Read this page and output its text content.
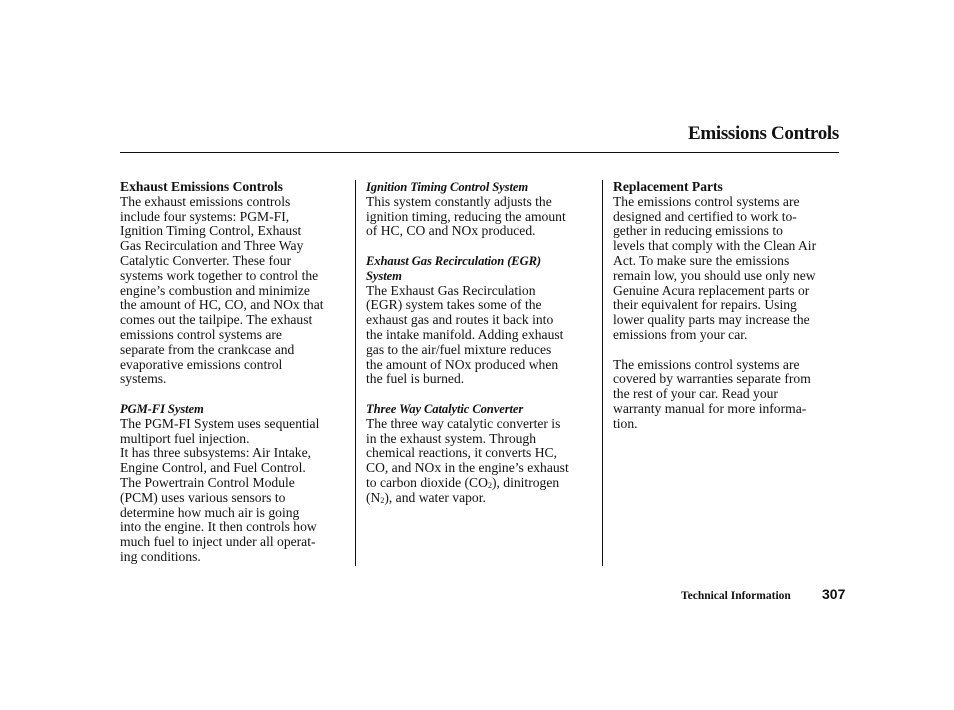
Emissions Controls
Exhaust Emissions Controls
The exhaust emissions controls
include four systems: PGM-FI,
Ignition Timing Control, Exhaust
Gas Recirculation and Three Way
Catalytic Converter. These four
systems work together to control the
engine’s combustion and minimize
the amount of HC, CO, and NOx that
comes out the tailpipe. The exhaust
emissions control systems are
separate from the crankcase and
evaporative emissions control
systems.
PGM-FI System
The PGM-FI System uses sequential
multiport fuel injection.
It has three subsystems: Air Intake,
Engine Control, and Fuel Control.
The Powertrain Control Module
(PCM) uses various sensors to
determine how much air is going
into the engine. It then controls how
much fuel to inject under all operat-
ing conditions.
Ignition Timing Control System
This system constantly adjusts the
ignition timing, reducing the amount
of HC, CO and NOx produced.
Exhaust Gas Recirculation (EGR)
System
The Exhaust Gas Recirculation
(EGR) system takes some of the
exhaust gas and routes it back into
the intake manifold. Adding exhaust
gas to the air/fuel mixture reduces
the amount of NOx produced when
the fuel is burned.
Three Way Catalytic Converter
The three way catalytic converter is
in the exhaust system. Through
chemical reactions, it converts HC,
CO, and NOx in the engine’s exhaust
to carbon dioxide (CO2), dinitrogen
(N2), and water vapor.
Replacement Parts
The emissions control systems are
designed and certified to work to-
gether in reducing emissions to
levels that comply with the Clean Air
Act. To make sure the emissions
remain low, you should use only new
Genuine Acura replacement parts or
their equivalent for repairs. Using
lower quality parts may increase the
emissions from your car.
The emissions control systems are
covered by warranties separate from
the rest of your car. Read your
warranty manual for more informa-
tion.
Technical Information 307
